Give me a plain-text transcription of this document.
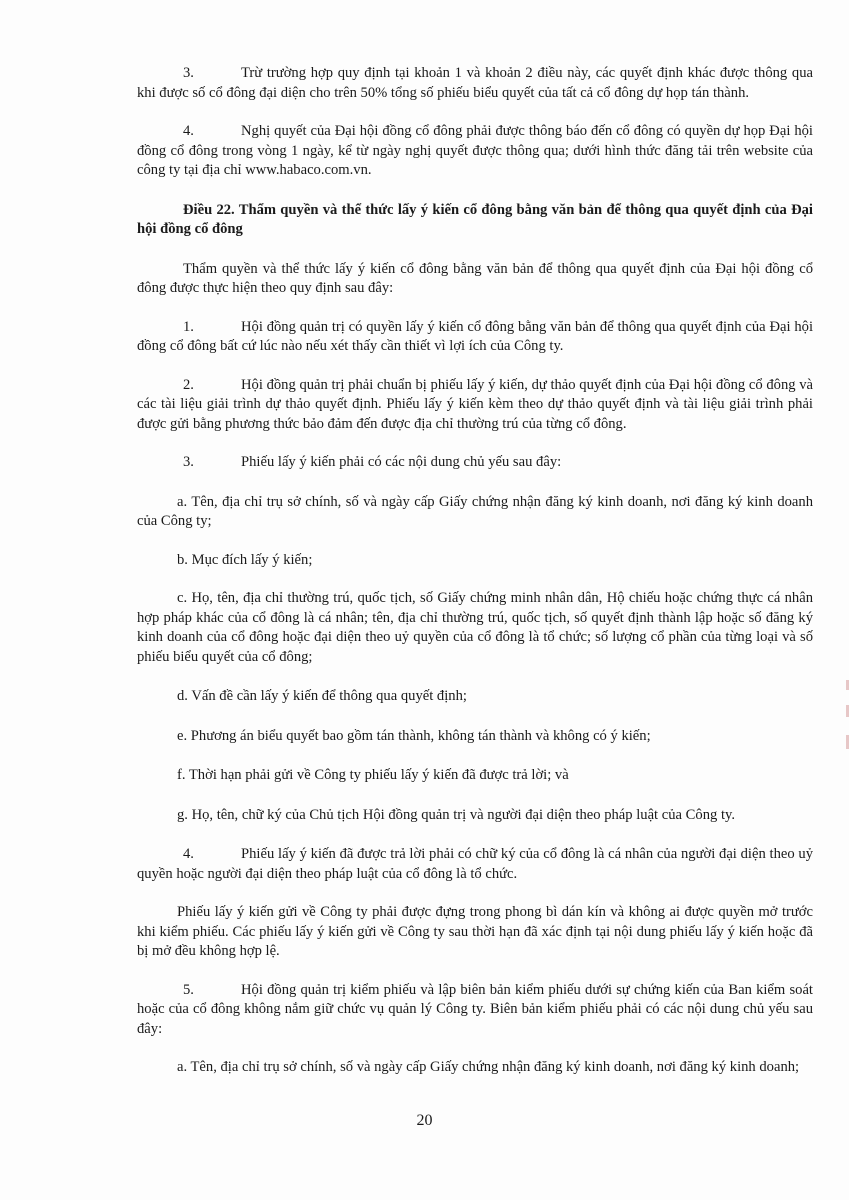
3.	Trừ trường hợp quy định tại khoản 1 và khoản 2 điều này, các quyết định khác được thông qua khi được số cổ đông đại diện cho trên 50% tổng số phiếu biểu quyết của tất cả cổ đông dự họp tán thành.

4.	Nghị quyết của Đại hội đồng cổ đông phải được thông báo đến cổ đông có quyền dự họp Đại hội đồng cổ đông trong vòng 1 ngày, kể từ ngày nghị quyết được thông qua; dưới hình thức đăng tải trên website của công ty tại địa chỉ www.habaco.com.vn.

Điều 22. Thẩm quyền và thể thức lấy ý kiến cổ đông bằng văn bản để thông qua quyết định của Đại hội đồng cổ đông

Thẩm quyền và thể thức lấy ý kiến cổ đông bằng văn bản để thông qua quyết định của Đại hội đồng cổ đông được thực hiện theo quy định sau đây:

1.	Hội đồng quản trị có quyền lấy ý kiến cổ đông bằng văn bản để thông qua quyết định của Đại hội đồng cổ đông bất cứ lúc nào nếu xét thấy cần thiết vì lợi ích của Công ty.

2.	Hội đồng quản trị phải chuẩn bị phiếu lấy ý kiến, dự thảo quyết định của Đại hội đồng cổ đông và các tài liệu giải trình dự thảo quyết định. Phiếu lấy ý kiến kèm theo dự thảo quyết định và tài liệu giải trình phải được gửi bằng phương thức bảo đảm đến được địa chỉ thường trú của từng cổ đông.

3.	Phiếu lấy ý kiến phải có các nội dung chủ yếu sau đây:

a. Tên, địa chỉ trụ sở chính, số và ngày cấp Giấy chứng nhận đăng ký kinh doanh, nơi đăng ký kinh doanh của Công ty;

b. Mục đích lấy ý kiến;

c. Họ, tên, địa chỉ thường trú, quốc tịch, số Giấy chứng minh nhân dân, Hộ chiếu hoặc chứng thực cá nhân hợp pháp khác của cổ đông là cá nhân; tên, địa chỉ thường trú, quốc tịch, số quyết định thành lập hoặc số đăng ký kinh doanh của cổ đông hoặc đại diện theo uỷ quyền của cổ đông là tổ chức; số lượng cổ phần của từng loại và số phiếu biểu quyết của cổ đông;

d. Vấn đề cần lấy ý kiến để thông qua quyết định;

e. Phương án biểu quyết bao gồm tán thành, không tán thành và không có ý kiến;

f. Thời hạn phải gửi về Công ty phiếu lấy ý kiến đã được trả lời; và

g. Họ, tên, chữ ký của Chủ tịch Hội đồng quản trị và người đại diện theo pháp luật của Công ty.

4.	Phiếu lấy ý kiến đã được trả lời phải có chữ ký của cổ đông là cá nhân của người đại diện theo uỷ quyền hoặc người đại diện theo pháp luật của cổ đông là tổ chức.

Phiếu lấy ý kiến gửi về Công ty phải được đựng trong phong bì dán kín và không ai được quyền mở trước khi kiểm phiếu. Các phiếu lấy ý kiến gửi về Công ty sau thời hạn đã xác định tại nội dung phiếu lấy ý kiến hoặc đã bị mở đều không hợp lệ.

5.	Hội đồng quản trị kiểm phiếu và lập biên bản kiểm phiếu dưới sự chứng kiến của Ban kiểm soát hoặc của cổ đông không nắm giữ chức vụ quản lý Công ty. Biên bản kiểm phiếu phải có các nội dung chủ yếu sau đây:

a. Tên, địa chỉ trụ sở chính, số và ngày cấp Giấy chứng nhận đăng ký kinh doanh, nơi đăng ký kinh doanh;

20
